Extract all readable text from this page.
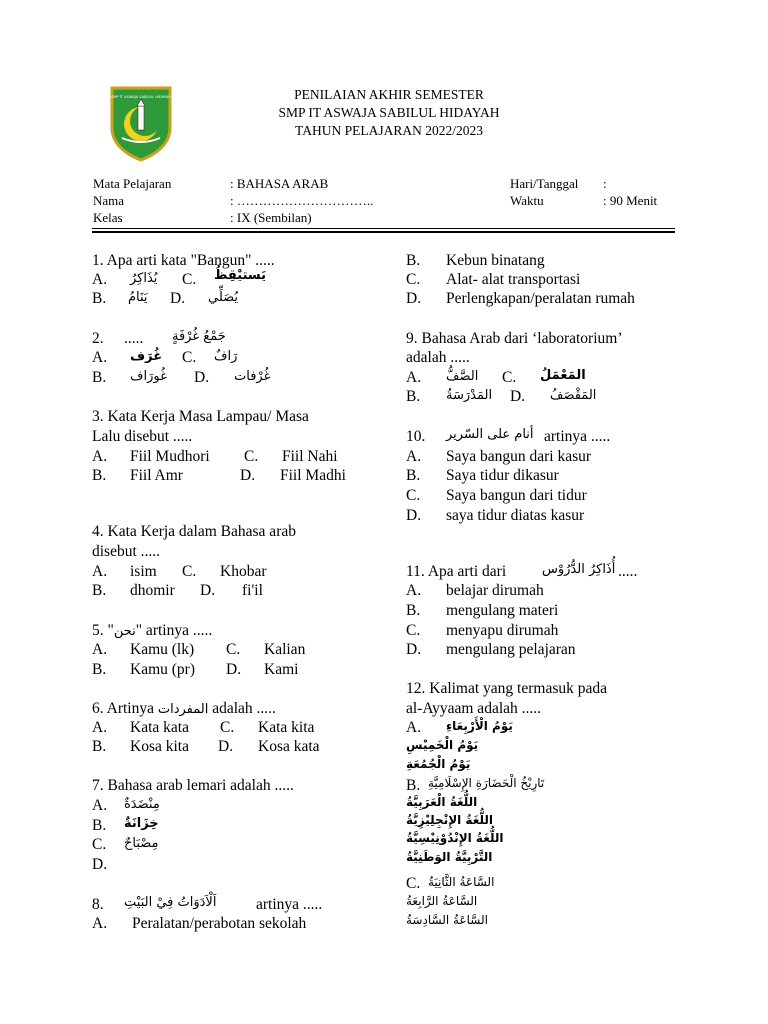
SMP IT ASWAJA SABILUL HIDAYAH	PENILAIAN AKHIR SEMESTER
SMP IT ASWAJA SABILUL HIDAYAH
TAHUN PELAJARAN 2022/2023
Mata Pelajaran	: BAHASA ARAB
Nama	: …………………………..
Kelas	: IX (Sembilan)
Hari/Tanggal :
Waktu	: 90 Menit
1. Apa arti kata "Bangun" .....
A. يُذَاكِرُ C. يَستيْقِظُ
B. يَنَامُ D. يُصَلِّي
2. ..... جَمْعُ غُرْفَةٍ
A. غُرَف C. رَافٌ
B. غُورَاف D. غُرْفات
3. Kata Kerja Masa Lampau/ Masa
Lalu disebut .....
A. Fiil Mudhori C. Fiil Nahi
B. Fiil Amr	D. Fiil Madhi
4. Kata Kerja dalam Bahasa arab
disebut .....
A. isim C. Khobar
B. dhomir D. fi'il
5. "نحن" artinya .....
A. Kamu (lk) C. Kalian
B. Kamu (pr) D. Kami
6. Artinya المفردات adalah .....
A. Kata kata C. Kata kita
B. Kosa kita D. Kosa kata
7. Bahasa arab lemari adalah .....
A. مِنْضَدَةٌ
B. خِزَانَةٌ
C. مِصْبَاحٌ
D.
8. اَلْاَدَوَاتُ فِيْ البَيْتِ	artinya .....
A. Peralatan/perabotan sekolah
B. Kebun binatang
C. Alat- alat transportasi
D. Perlengkapan/peralatan rumah
9. Bahasa Arab dari ‘laboratorium’
adalah .....
A. الصَّفُّ C. المَعْمَلُ
B. المَدْرَسَةُ D. المَقْصَفُ
10. أنام على السّرير artinya .....
A. Saya bangun dari kasur
B. Saya tidur dikasur
C. Saya bangun dari tidur
D. saya tidur diatas kasur
11. Apa arti dari	أُذَاكِرُ الدُّرُوْس .....
A. belajar dirumah
B. mengulang materi
C. menyapu dirumah
D. mengulang pelajaran
12. Kalimat yang termasuk pada
al-Ayyaam adalah .....
A. يَوْمُ الْأَرْبِعَاءِ
يَوْمُ الْخَمِيْسِ
يَوْمُ الْجُمُعَةِ
B. تَارِيْخُ الْحَضَارَةِ الإِسْلَامِيَّةِ
اللُّغَةُ الْعَرَبِيَّةُ
اللُّغَةُ الإِنْجِلِيْزِيَّةُ
اللُّغَةُ الإِنْدُوْنِيْسِيَّةُ
التَّرْبِيَّةُ الوَطَنِيَّةُ
C. السَّاعَةُ الثَّانِيَةُ
السَّاعَةُ الرَّابِعَةُ
السَّاعَةُ السَّادِسَةُ
